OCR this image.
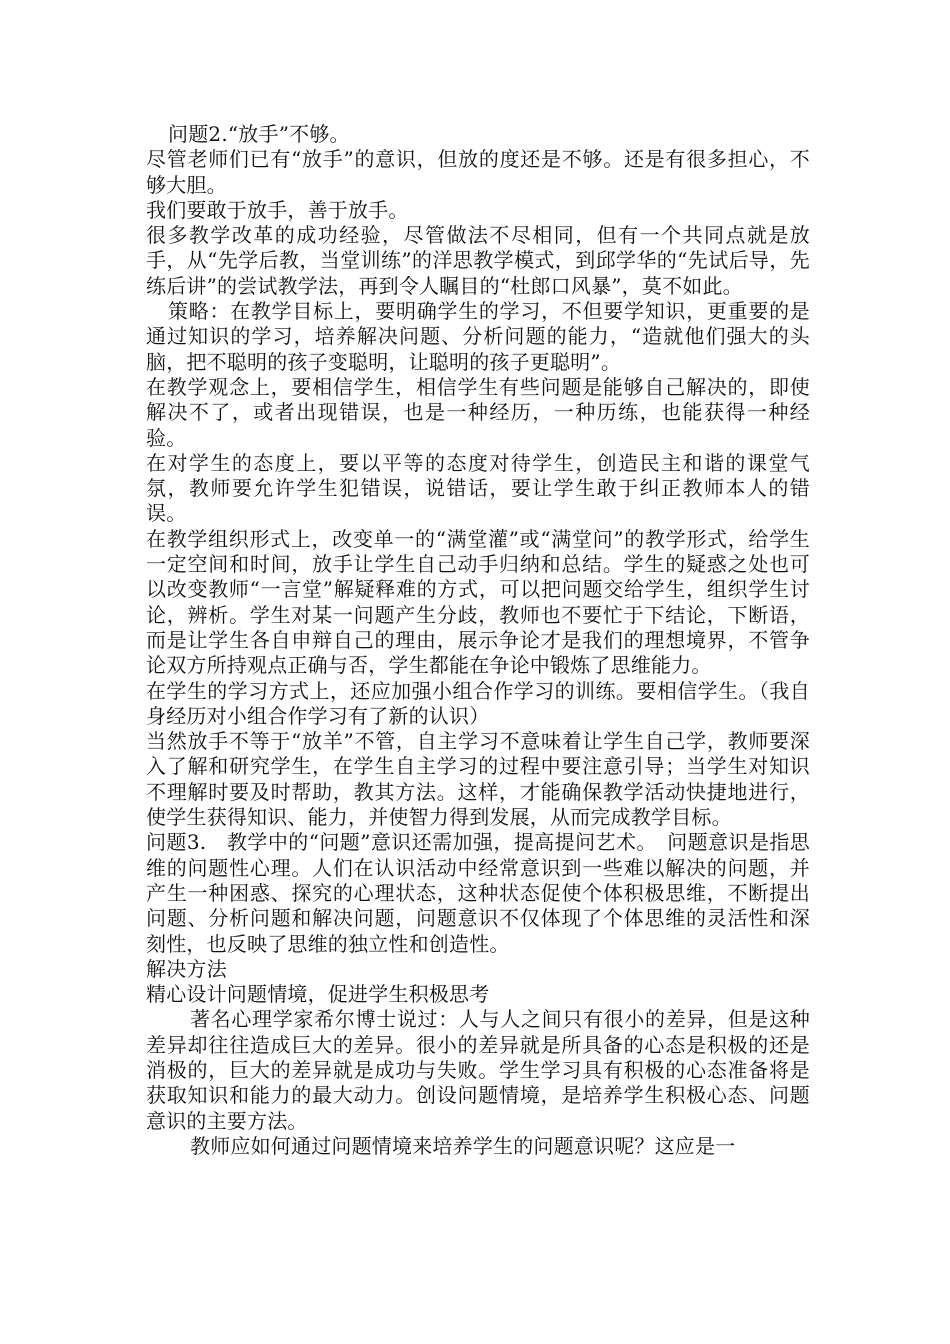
问题2.“放手”不够。

尽管老师们已有“放手”的意识，但放的度还是不够。还是有很多担心，不够大胆。

我们要敢于放手，善于放手。

很多教学改革的成功经验，尽管做法不尽相同，但有一个共同点就是放手，从“先学后教，当堂训练”的洋思教学模式，到邱学华的“先试后导，先练后讲”的尝试教学法，再到令人瞩目的“杜郎口风暴”，莫不如此。

策略：在教学目标上，要明确学生的学习，不但要学知识，更重要的是通过知识的学习，培养解决问题、分析问题的能力，“造就他们强大的头脑，把不聪明的孩子变聪明，让聪明的孩子更聪明”。

在教学观念上，要相信学生，相信学生有些问题是能够自己解决的，即使解决不了，或者出现错误，也是一种经历，一种历练，也能获得一种经验。

在对学生的态度上，要以平等的态度对待学生，创造民主和谐的课堂气氛，教师要允许学生犯错误，说错话，要让学生敢于纠正教师本人的错误。

在教学组织形式上，改变单一的“满堂灌”或“满堂问”的教学形式，给学生一定空间和时间，放手让学生自己动手归纳和总结。学生的疑惑之处也可以改变教师“一言堂”解疑释难的方式，可以把问题交给学生，组织学生讨论，辨析。学生对某一问题产生分歧，教师也不要忙于下结论，下断语，而是让学生各自申辩自己的理由，展示争论才是我们的理想境界，不管争论双方所持观点正确与否，学生都能在争论中锻炼了思维能力。

在学生的学习方式上，还应加强小组合作学习的训练。要相信学生。（我自身经历对小组合作学习有了新的认识）

当然放手不等于“放羊”不管，自主学习不意味着让学生自己学，教师要深入了解和研究学生，在学生自主学习的过程中要注意引导；当学生对知识不理解时要及时帮助，教其方法。这样，才能确保教学活动快捷地进行，使学生获得知识、能力，并使智力得到发展，从而完成教学目标。

问题3.　教学中的“问题”意识还需加强，提高提问艺术。　问题意识是指思维的问题性心理。人们在认识活动中经常意识到一些难以解决的问题，并产生一种困惑、探究的心理状态，这种状态促使个体积极思维，不断提出问题、分析问题和解决问题，问题意识不仅体现了个体思维的灵活性和深刻性，也反映了思维的独立性和创造性。

解决方法

精心设计问题情境，促进学生积极思考

著名心理学家希尔博士说过：人与人之间只有很小的差异，但是这种差异却往往造成巨大的差异。很小的差异就是所具备的心态是积极的还是消极的，巨大的差异就是成功与失败。学生学习具有积极的心态准备将是获取知识和能力的最大动力。创设问题情境，是培养学生积极心态、问题意识的主要方法。

教师应如何通过问题情境来培养学生的问题意识呢？这应是一
